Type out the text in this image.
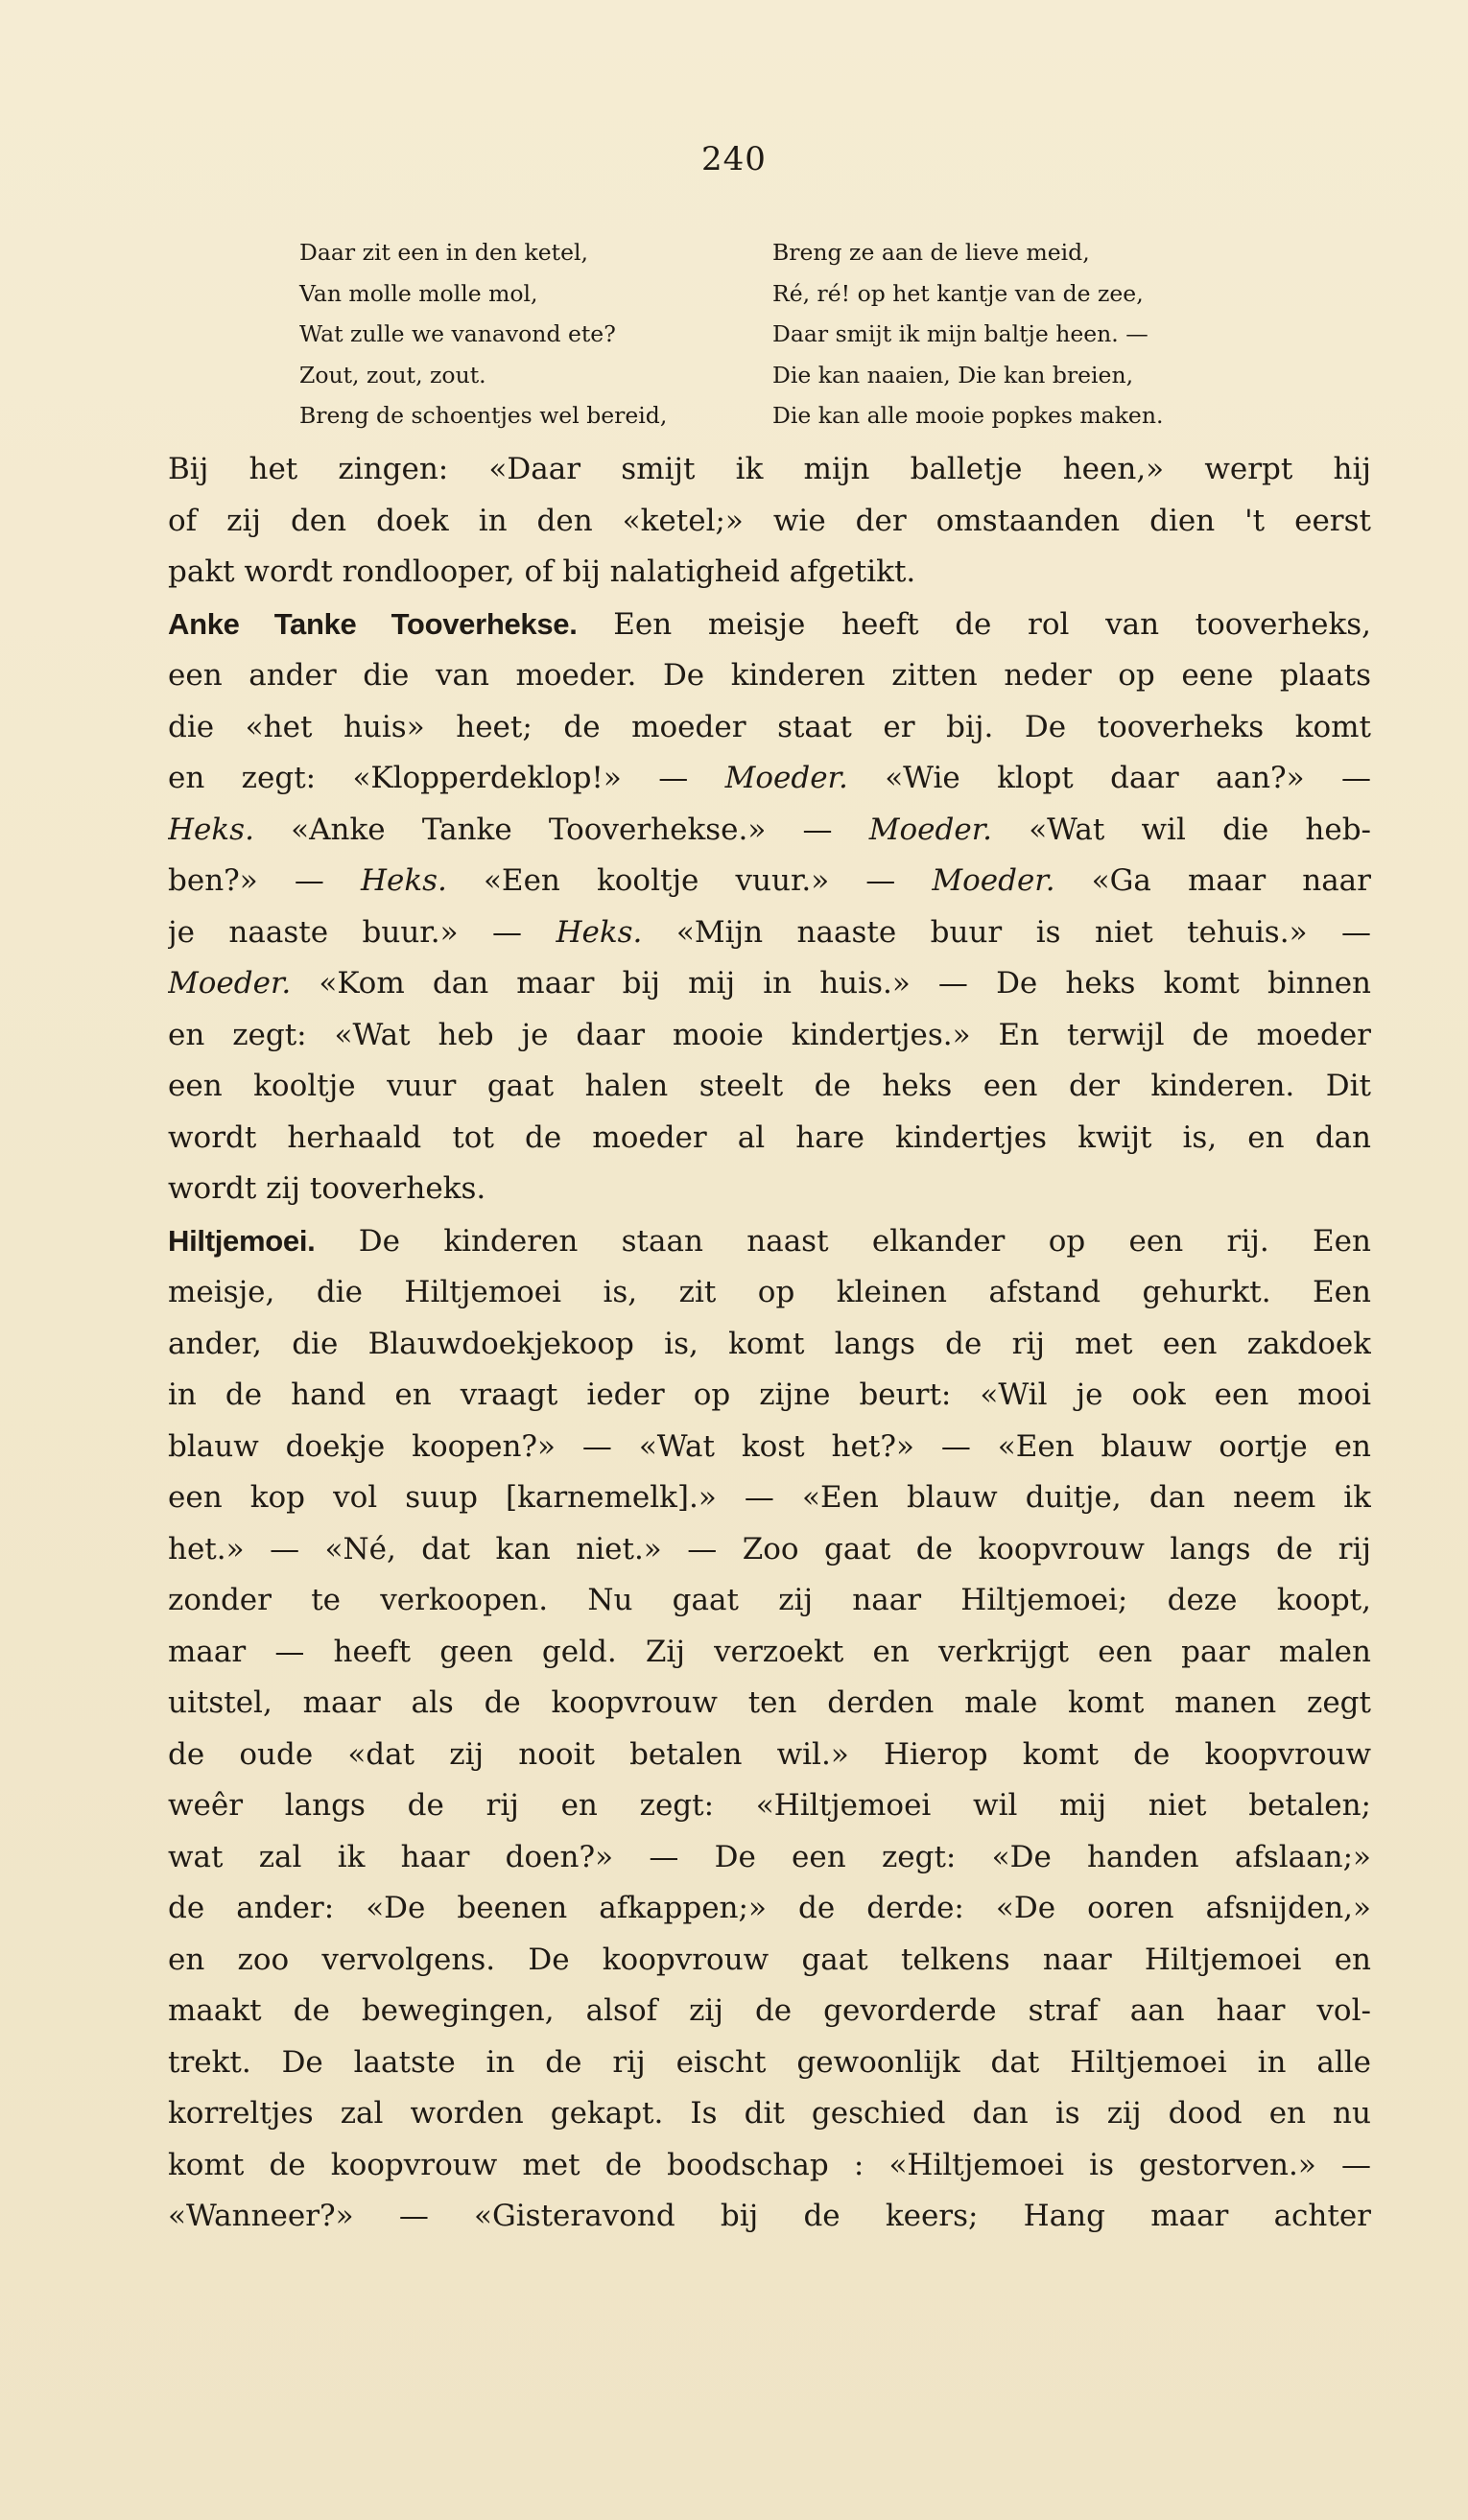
240
Daar zit een in den ketel,
Van molle molle mol,
Wat zulle we vanavond ete?
Zout, zout, zout.
Breng de schoentjes wel bereid,
Breng ze aan de lieve meid,
Ré, ré! op het kantje van de zee,
Daar smijt ik mijn baltje heen. —
Die kan naaien, Die kan breien,
Die kan alle mooie popkes maken.
Bij het zingen: «Daar smijt ik mijn balletje heen,» werpt hij
of zij den doek in den «ketel;» wie der omstaanden dien 't eerst
pakt wordt rondlooper, of bij nalatigheid afgetikt.
Anke Tanke Tooverhekse. Een meisje heeft de rol van tooverheks,
een ander die van moeder. De kinderen zitten neder op eene plaats
die «het huis» heet; de moeder staat er bij. De tooverheks komt
en zegt: «Klopperdeklop!» — Moeder. «Wie klopt daar aan?» —
Heks. «Anke Tanke Tooverhekse.» — Moeder. «Wat wil die heb-
ben?» — Heks. «Een kooltje vuur.» — Moeder. «Ga maar naar
je naaste buur.» — Heks. «Mijn naaste buur is niet tehuis.» —
Moeder. «Kom dan maar bij mij in huis.» — De heks komt binnen
en zegt: «Wat heb je daar mooie kindertjes.» En terwijl de moeder
een kooltje vuur gaat halen steelt de heks een der kinderen. Dit
wordt herhaald tot de moeder al hare kindertjes kwijt is, en dan
wordt zij tooverheks.
Hiltjemoei. De kinderen staan naast elkander op een rij. Een
meisje, die Hiltjemoei is, zit op kleinen afstand gehurkt. Een
ander, die Blauwdoekjekoop is, komt langs de rij met een zakdoek
in de hand en vraagt ieder op zijne beurt: «Wil je ook een mooi
blauw doekje koopen?» — «Wat kost het?» — «Een blauw oortje en
een kop vol suup [karnemelk].» — «Een blauw duitje, dan neem ik
het.» — «Né, dat kan niet.» — Zoo gaat de koopvrouw langs de rij
zonder te verkoopen. Nu gaat zij naar Hiltjemoei; deze koopt,
maar — heeft geen geld. Zij verzoekt en verkrijgt een paar malen
uitstel, maar als de koopvrouw ten derden male komt manen zegt
de oude «dat zij nooit betalen wil.» Hierop komt de koopvrouw
weêr langs de rij en zegt: «Hiltjemoei wil mij niet betalen;
wat zal ik haar doen?» — De een zegt: «De handen afslaan;»
de ander: «De beenen afkappen;» de derde: «De ooren afsnijden,»
en zoo vervolgens. De koopvrouw gaat telkens naar Hiltjemoei en
maakt de bewegingen, alsof zij de gevorderde straf aan haar vol-
trekt. De laatste in de rij eischt gewoonlijk dat Hiltjemoei in alle
korreltjes zal worden gekapt. Is dit geschied dan is zij dood en nu
komt de koopvrouw met de boodschap : «Hiltjemoei is gestorven.» —
«Wanneer?» — «Gisteravond bij de keers; Hang maar achter
